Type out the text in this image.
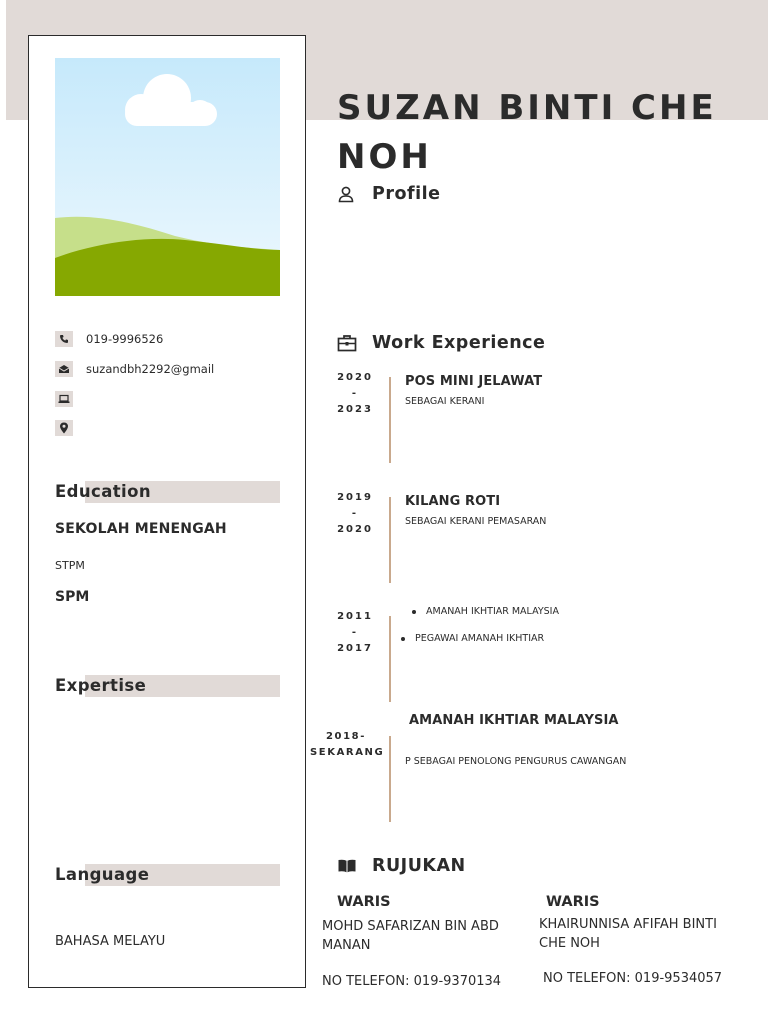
019-9996526
suzandbh2292@gmail
Education
SEKOLAH MENENGAH
STPM
SPM
Expertise
Language
BAHASA MELAYU
SUZAN BINTI CHE NOH
Profile
Work Experience
2020
-
2023
POS MINI JELAWAT
SEBAGAI KERANI
2019
-
2020
KILANG ROTI
SEBAGAI KERANI PEMASARAN
2011
-
2017
AMANAH IKHTIAR MALAYSIA
PEGAWAI AMANAH IKHTIAR
2018-
SEKARANG
AMANAH IKHTIAR MALAYSIA
P SEBAGAI PENOLONG PENGURUS CAWANGAN
RUJUKAN
WARIS
MOHD SAFARIZAN BIN ABD MANAN
NO TELEFON: 019-9370134
WARIS
KHAIRUNNISA AFIFAH BINTI CHE NOH
NO TELEFON: 019-9534057
